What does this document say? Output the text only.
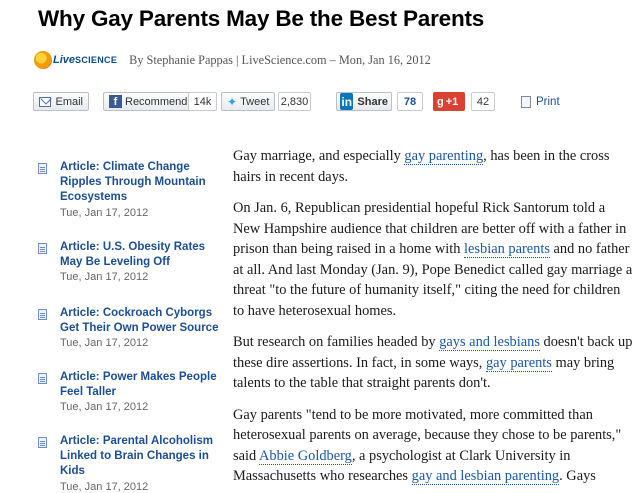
Why Gay Parents May Be the Best Parents
Live SCIENCE By Stephanie Pappas | LiveScience.com – Mon, Jan 16, 2012
Email	f Recommend 14k	✦ Tweet 2,830	in Share	78	g +1	42	Print
Article: Climate Change Ripples Through Mountain Ecosystems
Tue, Jan 17, 2012
Article: U.S. Obesity Rates May Be Leveling Off
Tue, Jan 17, 2012
Article: Cockroach Cyborgs Get Their Own Power Source
Tue, Jan 17, 2012
Article: Power Makes People Feel Taller
Tue, Jan 17, 2012
Article: Parental Alcoholism Linked to Brain Changes in Kids
Tue, Jan 17, 2012

Gay marriage, and especially gay parenting, has been in the cross hairs in recent days.

On Jan. 6, Republican presidential hopeful Rick Santorum told a New Hampshire audience that children are better off with a father in prison than being raised in a home with lesbian parents and no father at all. And last Monday (Jan. 9), Pope Benedict called gay marriage a threat "to the future of humanity itself," citing the need for children to have heterosexual homes.

But research on families headed by gays and lesbians doesn't back up these dire assertions. In fact, in some ways, gay parents may bring talents to the table that straight parents don't.

Gay parents "tend to be more motivated, more committed than heterosexual parents on average, because they chose to be parents," said Abbie Goldberg, a psychologist at Clark University in Massachusetts who researches gay and lesbian parenting. Gays
